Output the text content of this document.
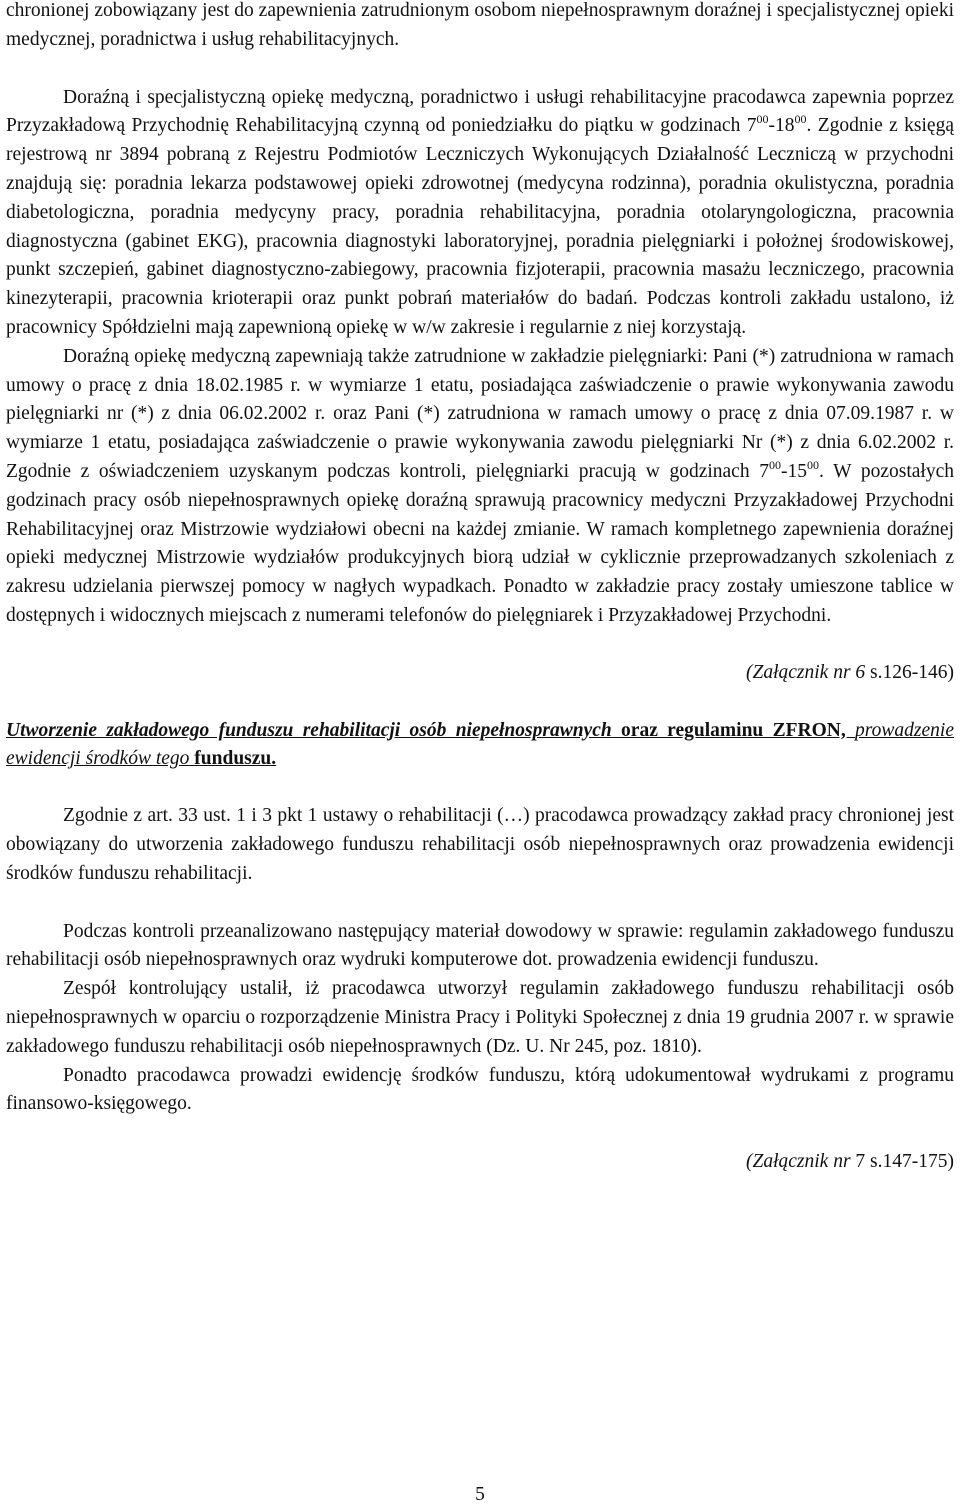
chronionej zobowiązany jest do zapewnienia zatrudnionym osobom niepełnosprawnym doraźnej i specjalistycznej opieki medycznej, poradnictwa i usług rehabilitacyjnych.

Doraźną i specjalistyczną opiekę medyczną, poradnictwo i usługi rehabilitacyjne pracodawca zapewnia poprzez Przyzakładową Przychodnię Rehabilitacyjną czynną od poniedziałku do piątku w godzinach $7^{00}-18^{00}$. Zgodnie z księgą rejestrową nr 3894 pobraną z Rejestru Podmiotów Leczniczych Wykonujących Działalność Leczniczą w przychodni znajdują się: poradnia lekarza podstawowej opieki zdrowotnej (medycyna rodzinna), poradnia okulistyczna, poradnia diabetologiczna, poradnia medycyny pracy, poradnia rehabilitacyjna, poradnia otolaryngologiczna, pracownia diagnostyczna (gabinet EKG), pracownia diagnostyki laboratoryjnej, poradnia pielęgniarki i położnej środowiskowej, punkt szczepień, gabinet diagnostyczno-zabiegowy, pracownia fizjoterapii, pracownia masażu leczniczego, pracownia kinezyterapii, pracownia krioterapii oraz punkt pobrań materiałów do badań. Podczas kontroli zakładu ustalono, iż pracownicy Spółdzielni mają zapewnioną opiekę w w/w zakresie i regularnie z niej korzystają.

Doraźną opiekę medyczną zapewniają także zatrudnione w zakładzie pielęgniarki: Pani (*) zatrudniona w ramach umowy o pracę z dnia 18.02.1985 r. w wymiarze 1 etatu, posiadająca zaświadczenie o prawie wykonywania zawodu pielęgniarki nr (*) z dnia 06.02.2002 r. oraz Pani (*) zatrudniona w ramach umowy o pracę z dnia 07.09.1987 r. w wymiarze 1 etatu, posiadająca zaświadczenie o prawie wykonywania zawodu pielęgniarki Nr (*) z dnia 6.02.2002 r. Zgodnie z oświadczeniem uzyskanym podczas kontroli, pielęgniarki pracują w godzinach $7^{00}-15^{00}$. W pozostałych godzinach pracy osób niepełnosprawnych opiekę doraźną sprawują pracownicy medyczni Przyzakładowej Przychodni Rehabilitacyjnej oraz Mistrzowie wydziałowi obecni na każdej zmianie. W ramach kompletnego zapewnienia doraźnej opieki medycznej Mistrzowie wydziałów produkcyjnych biorą udział w cyklicznie przeprowadzanych szkoleniach z zakresu udzielania pierwszej pomocy w nagłych wypadkach. Ponadto w zakładzie pracy zostały umieszone tablice w dostępnych i widocznych miejscach z numerami telefonów do pielęgniarek i Przyzakładowej Przychodni.

(Załącznik nr 6 s.126-146)

Utworzenie zakładowego funduszu rehabilitacji osób niepełnosprawnych oraz regulaminu ZFRON, prowadzenie ewidencji środków tego funduszu.

Zgodnie z art. 33 ust. 1 i 3 pkt 1 ustawy o rehabilitacji (…) pracodawca prowadzący zakład pracy chronionej jest obowiązany do utworzenia zakładowego funduszu rehabilitacji osób niepełnosprawnych oraz prowadzenia ewidencji środków funduszu rehabilitacji.

Podczas kontroli przeanalizowano następujący materiał dowodowy w sprawie: regulamin zakładowego funduszu rehabilitacji osób niepełnosprawnych oraz wydruki komputerowe dot. prowadzenia ewidencji funduszu.

Zespół kontrolujący ustalił, iż pracodawca utworzył regulamin zakładowego funduszu rehabilitacji osób niepełnosprawnych w oparciu o rozporządzenie Ministra Pracy i Polityki Społecznej z dnia 19 grudnia 2007 r. w sprawie zakładowego funduszu rehabilitacji osób niepełnosprawnych (Dz. U. Nr 245, poz. 1810).

Ponadto pracodawca prowadzi ewidencję środków funduszu, którą udokumentował wydrukami z programu finansowo-księgowego.

(Załącznik nr 7 s.147-175)

5
